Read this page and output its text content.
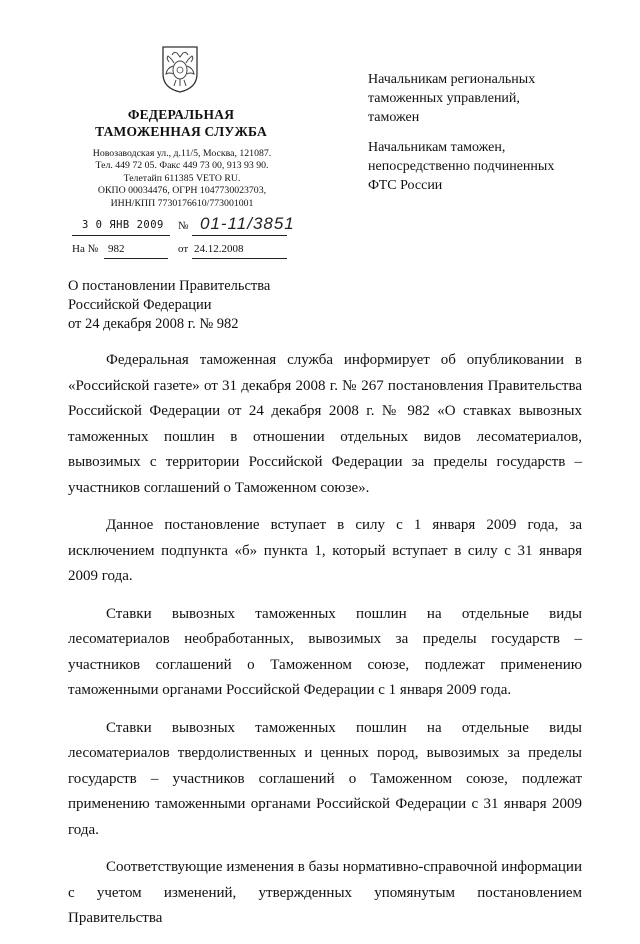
ФЕДЕРАЛЬНАЯ
ТАМОЖЕННАЯ СЛУЖБА
Новозаводская ул., д.11/5, Москва, 121087.
Тел. 449 72 05. Факс 449 73 00, 913 93 90.
Телетайп 611385 VETO RU.
ОКПО 00034476, ОГРН 1047730023703,
ИНН/КПП 7730176610/773001001
3 0 ЯНВ 2009 № 01-11/3851
На № 982	от 24.12.2008
Начальникам региональных
таможенных управлений,
таможен
Начальникам таможен,
непосредственно подчиненных
ФТС России
О постановлении Правительства
Российской Федерации
от 24 декабря 2008 г. № 982

Федеральная таможенная служба информирует об опубликовании в «Российской газете» от 31 декабря 2008 г. № 267 постановления Правительства Российской Федерации от 24 декабря 2008 г. № 982 «О ставках вывозных таможенных пошлин в отношении отдельных видов лесоматериалов, вывозимых с территории Российской Федерации за пределы государств – участников соглашений о Таможенном союзе».

Данное постановление вступает в силу с 1 января 2009 года, за исключением подпункта «б» пункта 1, который вступает в силу с 31 января 2009 года.

Ставки вывозных таможенных пошлин на отдельные виды лесоматериалов необработанных, вывозимых за пределы государств – участников соглашений о Таможенном союзе, подлежат применению таможенными органами Российской Федерации с 1 января 2009 года.

Ставки вывозных таможенных пошлин на отдельные виды лесоматериалов твердолиственных и ценных пород, вывозимых за пределы государств – участников соглашений о Таможенном союзе, подлежат применению таможенными органами Российской Федерации с 31 января 2009 года.

Соответствующие изменения в базы нормативно-справочной информации с учетом изменений, утвержденных упомянутым постановлением Правительства
